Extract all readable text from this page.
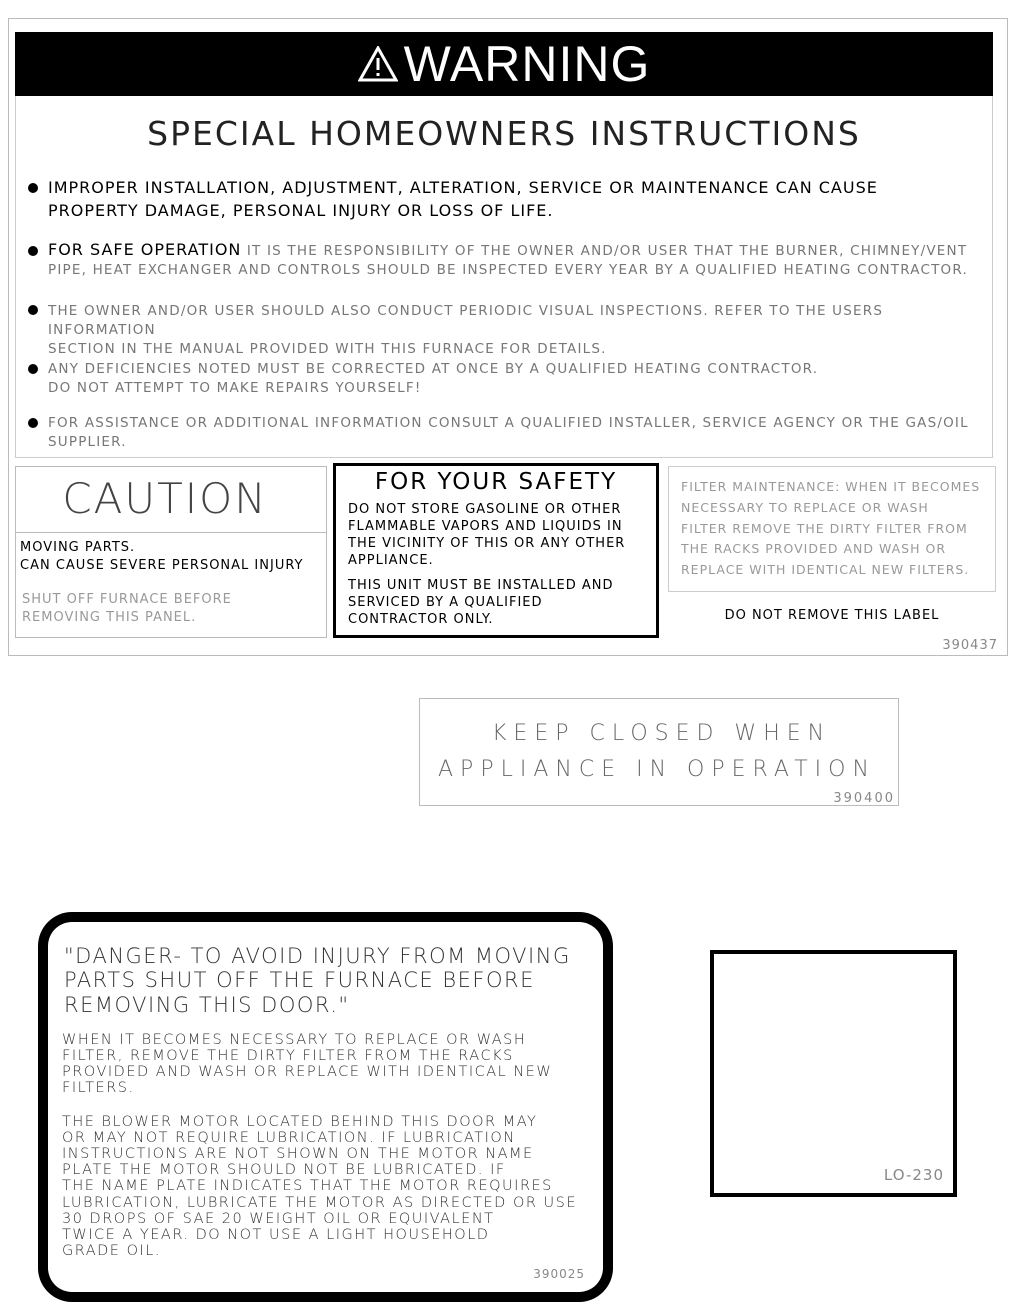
WARNING
SPECIAL HOMEOWNERS INSTRUCTIONS

IMPROPER INSTALLATION, ADJUSTMENT, ALTERATION, SERVICE OR MAINTENANCE CAN CAUSE
PROPERTY DAMAGE, PERSONAL INJURY OR LOSS OF LIFE.

FOR SAFE OPERATION IT IS THE RESPONSIBILITY OF THE OWNER AND/OR USER THAT THE BURNER, CHIMNEY/VENT
PIPE, HEAT EXCHANGER AND CONTROLS SHOULD BE INSPECTED EVERY YEAR BY A QUALIFIED HEATING CONTRACTOR.

THE OWNER AND/OR USER SHOULD ALSO CONDUCT PERIODIC VISUAL INSPECTIONS. REFER TO THE USERS INFORMATION
SECTION IN THE MANUAL PROVIDED WITH THIS FURNACE FOR DETAILS.

ANY DEFICIENCIES NOTED MUST BE CORRECTED AT ONCE BY A QUALIFIED HEATING CONTRACTOR.
DO NOT ATTEMPT TO MAKE REPAIRS YOURSELF!

FOR ASSISTANCE OR ADDITIONAL INFORMATION CONSULT A QUALIFIED INSTALLER, SERVICE AGENCY OR THE GAS/OIL
SUPPLIER.

CAUTION

MOVING PARTS.
CAN CAUSE SEVERE PERSONAL INJURY

SHUT OFF FURNACE BEFORE
REMOVING THIS PANEL.

FOR YOUR SAFETY

DO NOT STORE GASOLINE OR OTHER
FLAMMABLE VAPORS AND LIQUIDS IN
THE VICINITY OF THIS OR ANY OTHER
APPLIANCE.

THIS UNIT MUST BE INSTALLED AND
SERVICED BY A QUALIFIED
CONTRACTOR ONLY.

FILTER MAINTENANCE: WHEN IT BECOMES
NECESSARY TO REPLACE OR WASH
FILTER REMOVE THE DIRTY FILTER FROM
THE RACKS PROVIDED AND WASH OR
REPLACE WITH IDENTICAL NEW FILTERS.

DO NOT REMOVE THIS LABEL
390437

KEEP CLOSED WHEN

APPLIANCE IN OPERATION

390400

"DANGER- TO AVOID INJURY FROM MOVING

PARTS SHUT OFF THE FURNACE BEFORE

REMOVING THIS DOOR."

WHEN IT BECOMES NECESSARY TO REPLACE OR WASH

FILTER, REMOVE THE DIRTY FILTER FROM THE RACKS

PROVIDED AND WASH OR REPLACE WITH IDENTICAL NEW

FILTERS.

THE BLOWER MOTOR LOCATED BEHIND THIS DOOR MAY

OR MAY NOT REQUIRE LUBRICATION. IF LUBRICATION

INSTRUCTIONS ARE NOT SHOWN ON THE MOTOR NAME

PLATE THE MOTOR SHOULD NOT BE LUBRICATED. IF

THE NAME PLATE INDICATES THAT THE MOTOR REQUIRES

LUBRICATION, LUBRICATE THE MOTOR AS DIRECTED OR USE

30 DROPS OF SAE 20 WEIGHT OIL OR EQUIVALENT

TWICE A YEAR. DO NOT USE A LIGHT HOUSEHOLD

GRADE OIL.

390025
LO-230
